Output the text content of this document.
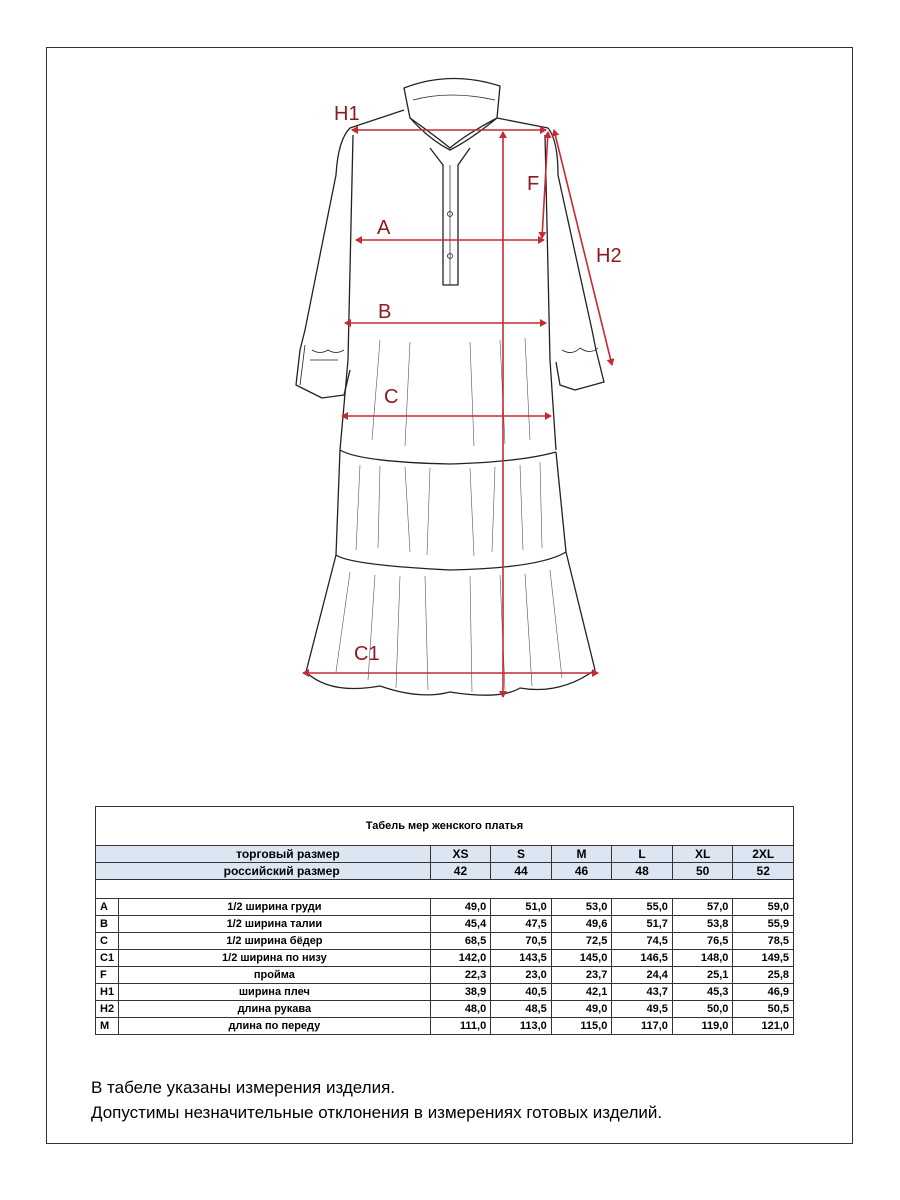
H1
F
A
H2
B
C
C1
Табель мер женского платья							
торговый размер		XS	S	M	L	XL	2XL
российский размер		42	44	46	48	50	52

A	1/2 ширина груди	49,0	51,0	53,0	55,0	57,0	59,0
B	1/2 ширина талии	45,4	47,5	49,6	51,7	53,8	55,9
C	1/2 ширина бёдер	68,5	70,5	72,5	74,5	76,5	78,5
C1	1/2 ширина по низу	142,0	143,5	145,0	146,5	148,0	149,5
F	пройма	22,3	23,0	23,7	24,4	25,1	25,8
H1	ширина плеч	38,9	40,5	42,1	43,7	45,3	46,9
H2	длина рукава	48,0	48,5	49,0	49,5	50,0	50,5
M	длина по переду	111,0	113,0	115,0	117,0	119,0	121,0
В табеле указаны измерения изделия.
Допустимы незначительные отклонения в измерениях готовых изделий.
